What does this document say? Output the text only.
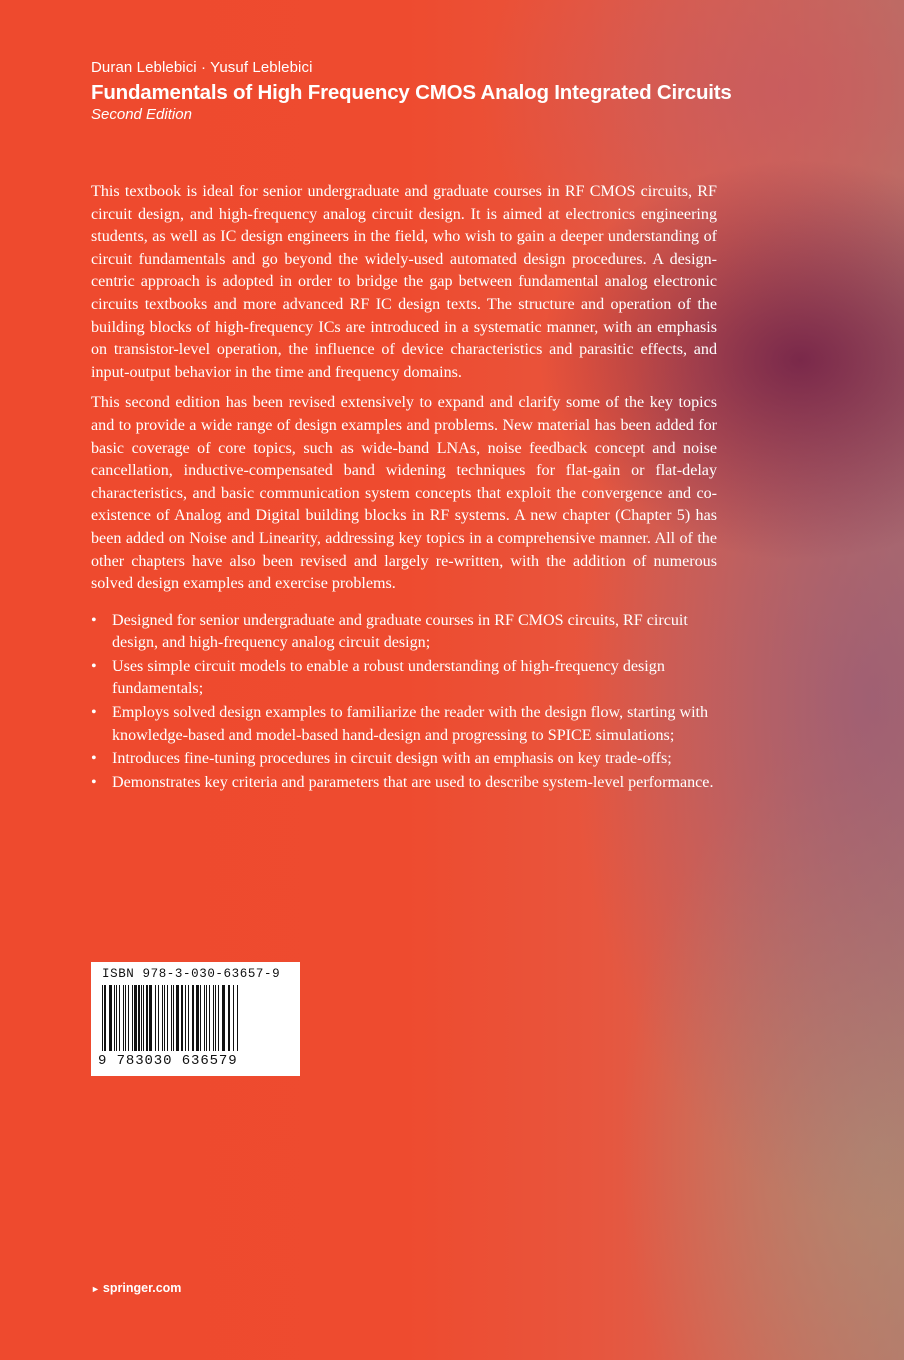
Duran Leblebici · Yusuf Leblebici
Fundamentals of High Frequency CMOS Analog Integrated Circuits
Second Edition

This textbook is ideal for senior undergraduate and graduate courses in RF CMOS circuits, RF circuit design, and high-frequency analog circuit design. It is aimed at electronics engineering students, as well as IC design engineers in the field, who wish to gain a deeper understanding of circuit fundamentals and go beyond the widely-used automated design procedures. A design-centric approach is adopted in order to bridge the gap between fundamental analog electronic circuits textbooks and more advanced RF IC design texts. The structure and operation of the building blocks of high-frequency ICs are introduced in a systematic manner, with an emphasis on transistor-level operation, the influence of device characteristics and parasitic effects, and input-output behavior in the time and frequency domains.

This second edition has been revised extensively to expand and clarify some of the key topics and to provide a wide range of design examples and problems. New material has been added for basic coverage of core topics, such as wide-band LNAs, noise feedback concept and noise cancellation, inductive-compensated band widening techniques for flat-gain or flat-delay characteristics, and basic communication system concepts that exploit the convergence and co-existence of Analog and Digital building blocks in RF systems. A new chapter (Chapter 5) has been added on Noise and Linearity, addressing key topics in a comprehensive manner. All of the other chapters have also been revised and largely re-written, with the addition of numerous solved design examples and exercise problems.

• Designed for senior undergraduate and graduate courses in RF CMOS circuits, RF circuit design, and high-frequency analog circuit design;
• Uses simple circuit models to enable a robust understanding of high-frequency design fundamentals;
• Employs solved design examples to familiarize the reader with the design flow, starting with knowledge-based and model-based hand-design and progressing to SPICE simulations;
• Introduces fine-tuning procedures in circuit design with an emphasis on key trade-offs;
• Demonstrates key criteria and parameters that are used to describe system-level performance.
ISBN 978-3-030-63657-9
9 783030 636579
► springer.com
